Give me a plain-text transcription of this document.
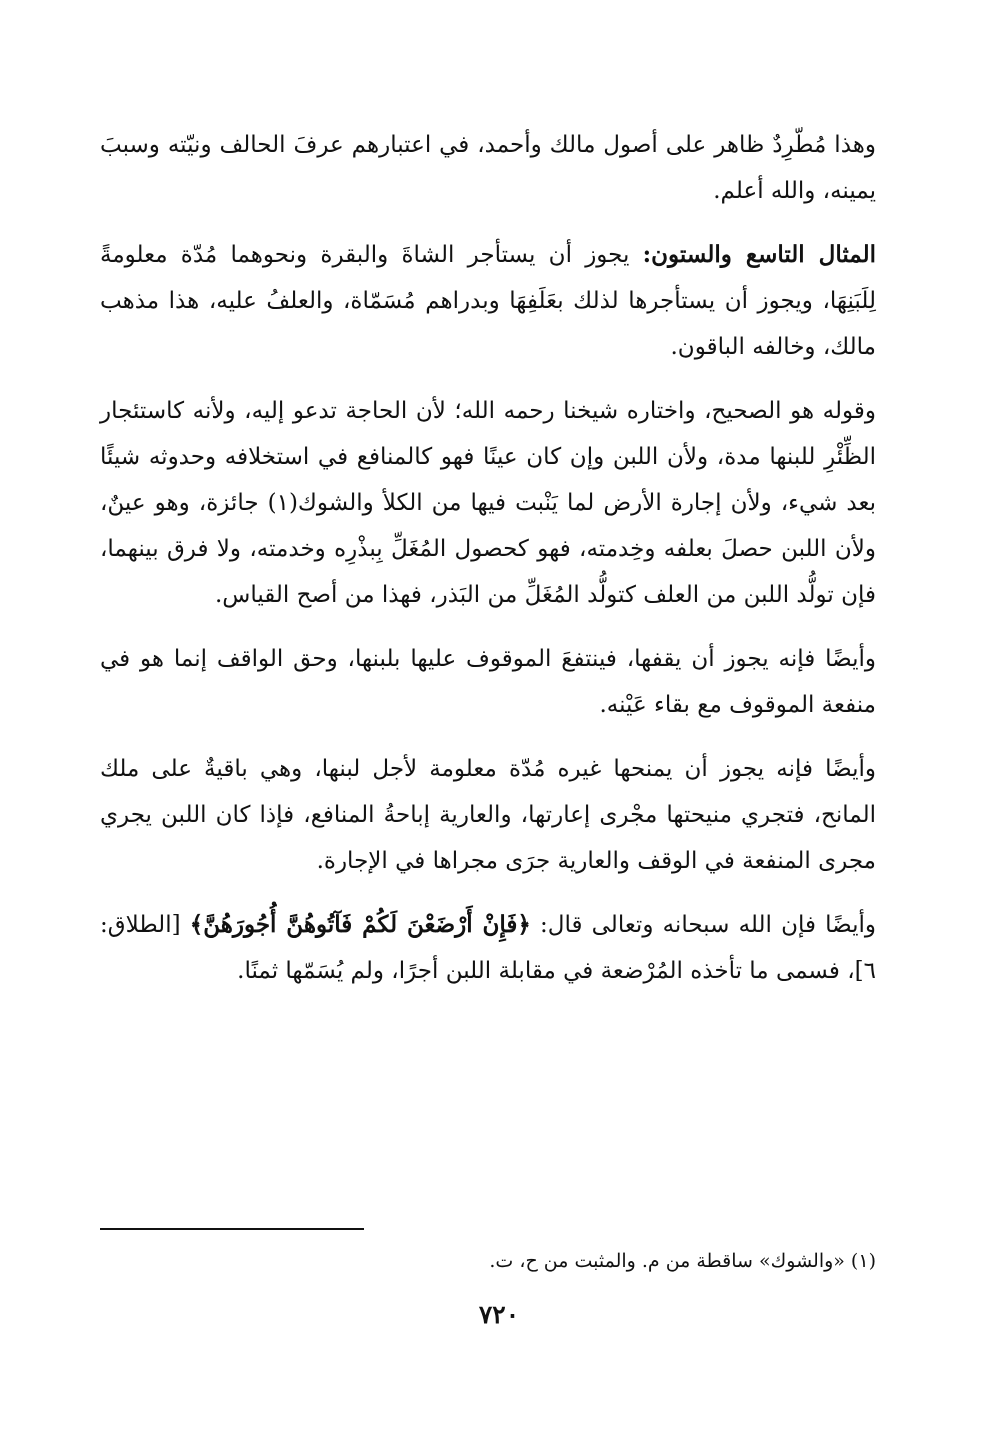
وهذا مُطّرِدٌ ظاهر على أصول مالك وأحمد، في اعتبارهم عرفَ الحالف ونيّته وسببَ يمينه، والله أعلم.

المثال التاسع والستون: يجوز أن يستأجر الشاةَ والبقرة ونحوهما مُدّة معلومةً لِلَبَنِهَا، ويجوز أن يستأجرها لذلك بعَلَفِهَا وبدراهم مُسَمّاة، والعلفُ عليه، هذا مذهب مالك، وخالفه الباقون.

وقوله هو الصحيح، واختاره شيخنا رحمه الله؛ لأن الحاجة تدعو إليه، ولأنه كاستئجار الظِّئْرِ للبنها مدة، ولأن اللبن وإن كان عينًا فهو كالمنافع في استخلافه وحدوثه شيئًا بعد شيء، ولأن إجارة الأرض لما يَنْبت فيها من الكلأ والشوك(١) جائزة، وهو عينٌ، ولأن اللبن حصلَ بعلفه وخِدمته، فهو كحصول المُغَلِّ بِبذْرِه وخدمته، ولا فرق بينهما، فإن تولُّد اللبن من العلف كتولُّد المُغَلِّ من البَذر، فهذا من أصح القياس.

وأيضًا فإنه يجوز أن يقفها، فينتفعَ الموقوف عليها بلبنها، وحق الواقف إنما هو في منفعة الموقوف مع بقاء عَيْنه.

وأيضًا فإنه يجوز أن يمنحها غيره مُدّة معلومة لأجل لبنها، وهي باقيةٌ على ملك المانح، فتجري منيحتها مجْرى إعارتها، والعارية إباحةُ المنافع، فإذا كان اللبن يجري مجرى المنفعة في الوقف والعارية جرَى مجراها في الإجارة.

وأيضًا فإن الله سبحانه وتعالى قال: ﴿فَإِنْ أَرْضَعْنَ لَكُمْ فَآتُوهُنَّ أُجُورَهُنَّ﴾ [الطلاق: ٦]، فسمى ما تأخذه المُرْضعة في مقابلة اللبن أجرًا، ولم يُسَمّها ثمنًا.

(١) «والشوك» ساقطة من م. والمثبت من ح، ت.
٧٢٠
